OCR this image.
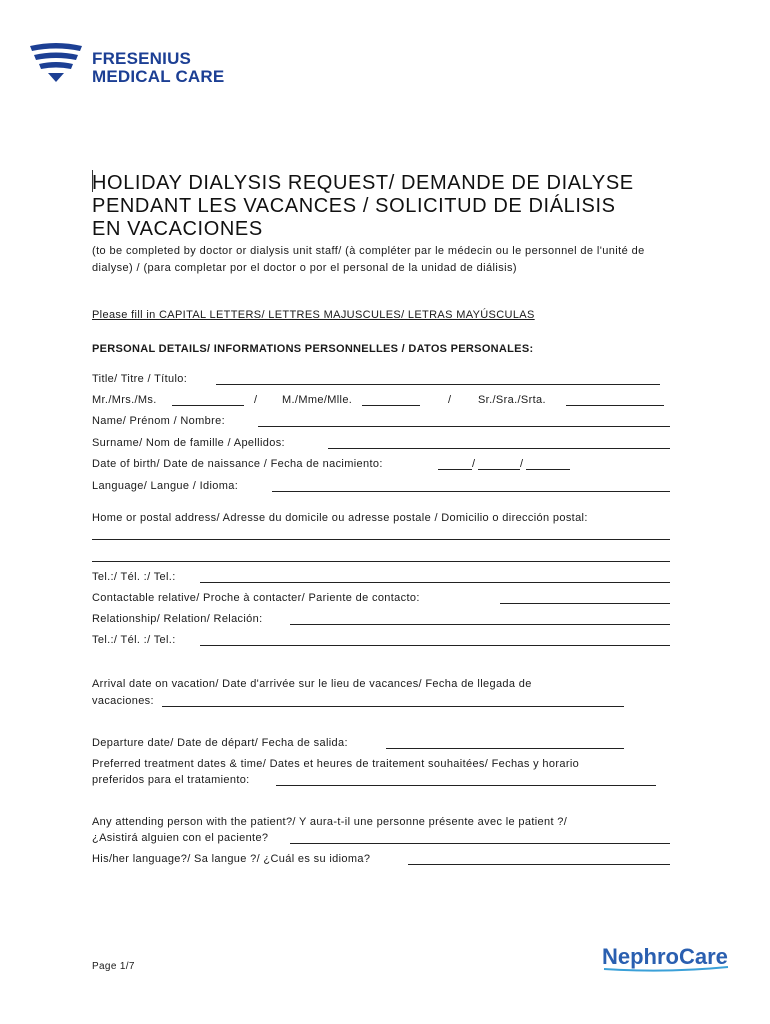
FRESENIUS
MEDICAL CARE
HOLIDAY DIALYSIS REQUEST/ DEMANDE DE DIALYSE
PENDANT LES VACANCES / SOLICITUD DE DIÁLISIS
EN VACACIONES
(to be completed by doctor or dialysis unit staff/ (à compléter par le médecin ou le personnel de l'unité de dialyse) / (para completar por el doctor o por el personal de la unidad de diálisis)
Please fill in CAPITAL LETTERS/ LETTRES MAJUSCULES/ LETRAS MAYÚSCULAS
PERSONAL DETAILS/ INFORMATIONS PERSONNELLES / DATOS PERSONALES:
Title/ Titre / Título:
Mr./Mrs./Ms.	/ M./Mme/Mlle.	/ Sr./Sra./Srta.
Name/ Prénom / Nombre:
Surname/ Nom de famille / Apellidos:
Date of birth/ Date de naissance / Fecha de nacimiento:	/	/
Language/ Langue / Idioma:
Home or postal address/ Adresse du domicile ou adresse postale / Domicilio o dirección postal:
Tel.:/ Tél. :/ Tel.:
Contactable relative/ Proche à contacter/ Pariente de contacto:
Relationship/ Relation/ Relación:
Tel.:/ Tél. :/ Tel.:
Arrival date on vacation/ Date d'arrivée sur le lieu de vacances/ Fecha de llegada de
vacaciones:
Departure date/ Date de départ/ Fecha de salida:
Preferred treatment dates & time/ Dates et heures de traitement souhaitées/ Fechas y horario
preferidos para el tratamiento:
Any attending person with the patient?/ Y aura-t-il une personne présente avec le patient ?/
¿Asistirá alguien con el paciente?
His/her language?/ Sa langue ?/ ¿Cuál es su idioma?
Page 1/7	NephroCare
